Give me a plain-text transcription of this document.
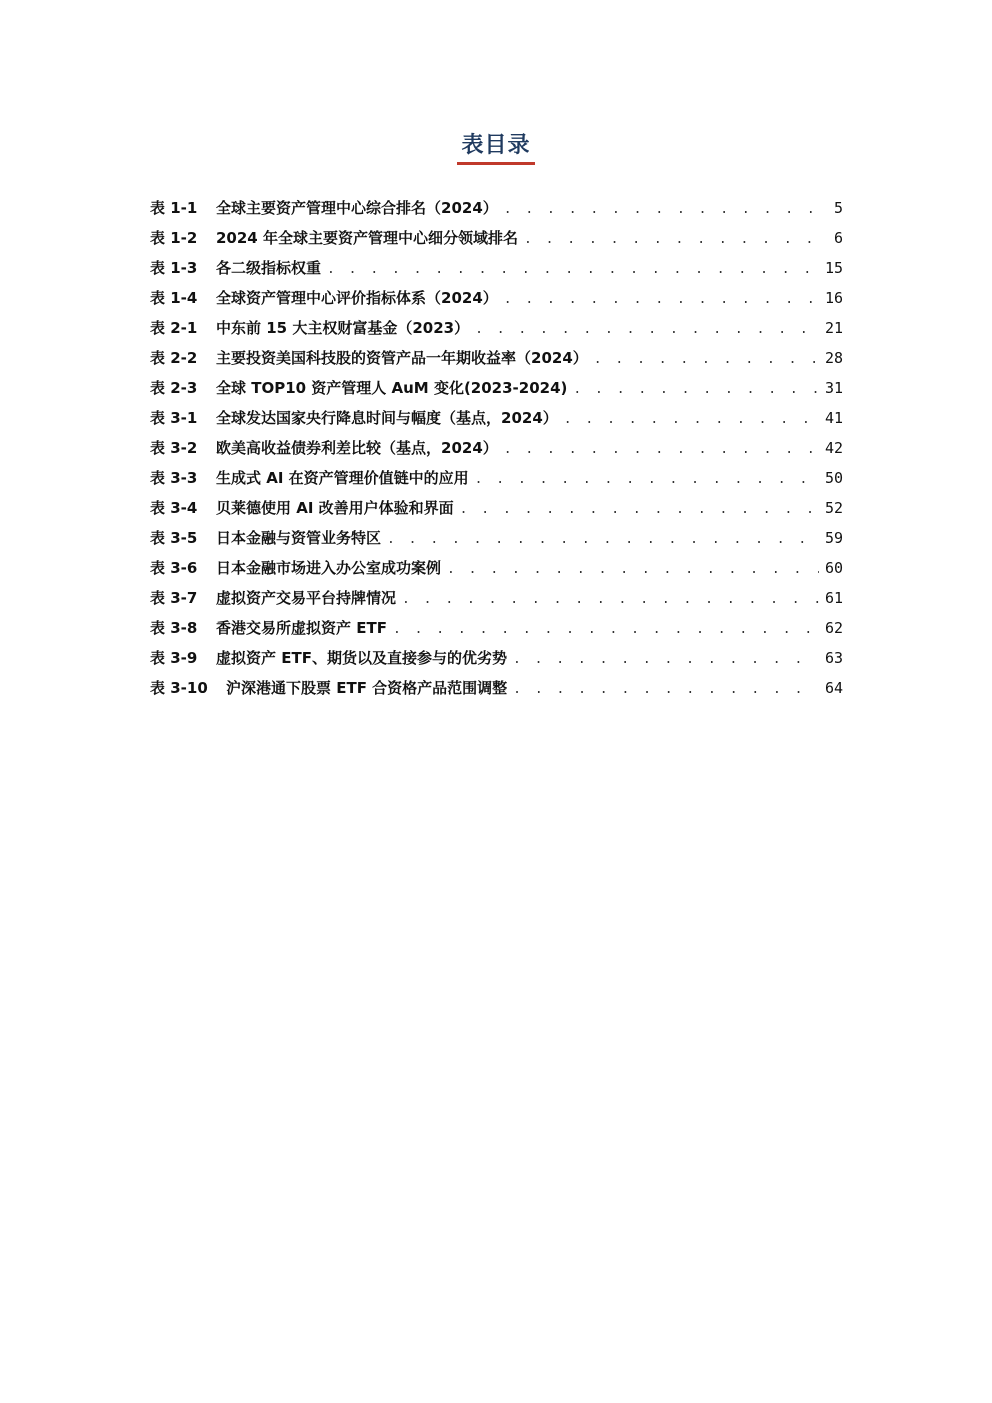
表目录
表 1-1 全球主要资产管理中心综合排名（2024） . . .	5
表 1-2 2024 年全球主要资产管理中心细分领域排名 . . .	6
表 1-3 各二级指标权重 . . .	15
表 1-4 全球资产管理中心评价指标体系（2024） . . .	16
表 2-1 中东前 15 大主权财富基金（2023） . . .	21
表 2-2 主要投资美国科技股的资管产品一年期收益率（2024） . . .	28
表 2-3 全球 TOP10 资产管理人 AuM 变化(2023-2024) . . .	31
表 3-1 全球发达国家央行降息时间与幅度（基点，2024） . . .	41
表 3-2 欧美高收益债券利差比较（基点，2024） . . .	42
表 3-3 生成式 AI 在资产管理价值链中的应用 . . .	50
表 3-4 贝莱德使用 AI 改善用户体验和界面 . . .	52
表 3-5 日本金融与资管业务特区 . . .	59
表 3-6 日本金融市场进入办公室成功案例 . . .	60
表 3-7 虚拟资产交易平台持牌情况 . . .	61
表 3-8 香港交易所虚拟资产 ETF . . .	62
表 3-9 虚拟资产 ETF、期货以及直接参与的优劣势 . . .	63
表 3-10 沪深港通下股票 ETF 合资格产品范围调整 . . .	64
